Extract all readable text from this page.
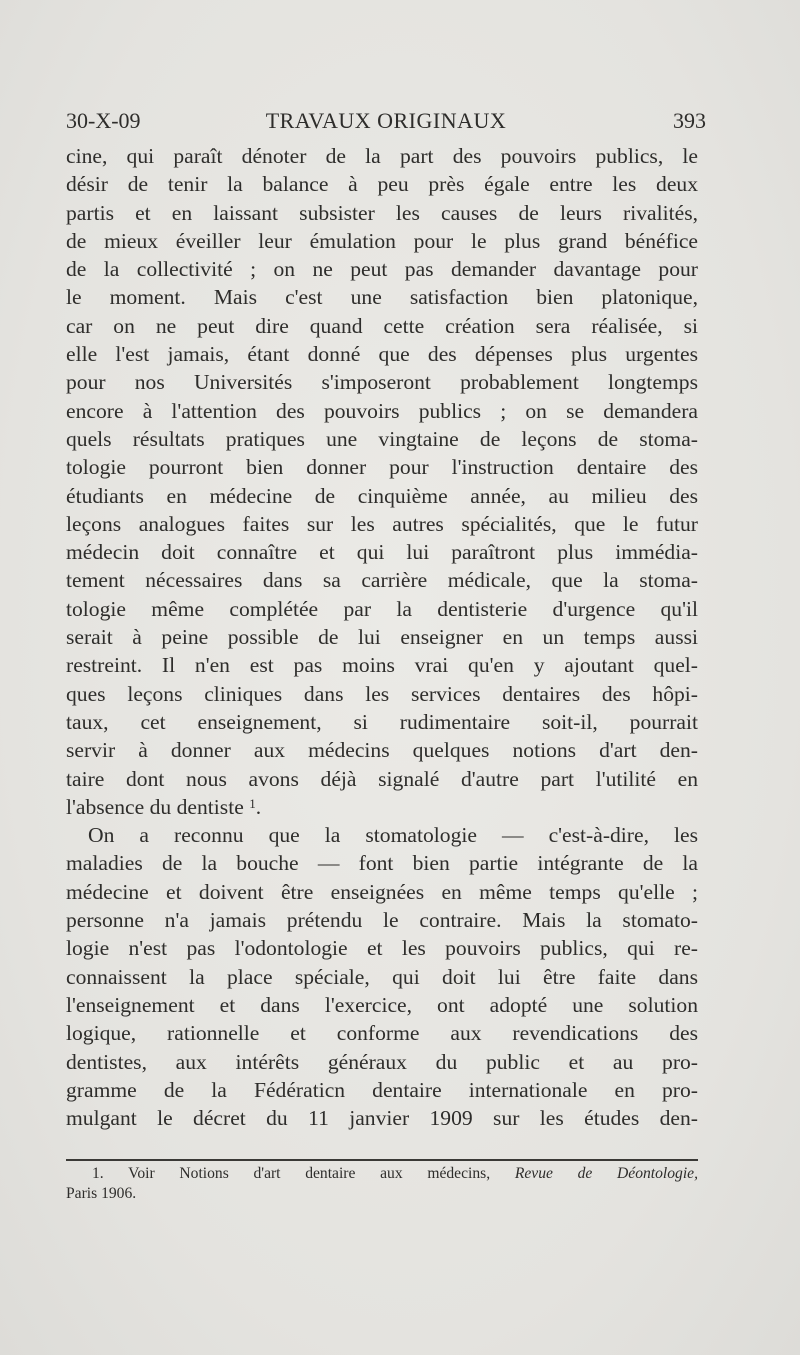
30-X-09	TRAVAUX ORIGINAUX	393
cine, qui paraît dénoter de la part des pouvoirs publics, le
désir de tenir la balance à peu près égale entre les deux
partis et en laissant subsister les causes de leurs rivalités,
de mieux éveiller leur émulation pour le plus grand bénéfice
de la collectivité ; on ne peut pas demander davantage pour
le moment. Mais c'est une satisfaction bien platonique,
car on ne peut dire quand cette création sera réalisée, si
elle l'est jamais, étant donné que des dépenses plus urgentes
pour nos Universités s'imposeront probablement longtemps
encore à l'attention des pouvoirs publics ; on se demandera
quels résultats pratiques une vingtaine de leçons de stoma-
tologie pourront bien donner pour l'instruction dentaire des
étudiants en médecine de cinquième année, au milieu des
leçons analogues faites sur les autres spécialités, que le futur
médecin doit connaître et qui lui paraîtront plus immédia-
tement nécessaires dans sa carrière médicale, que la stoma-
tologie même complétée par la dentisterie d'urgence qu'il
serait à peine possible de lui enseigner en un temps aussi
restreint. Il n'en est pas moins vrai qu'en y ajoutant quel-
ques leçons cliniques dans les services dentaires des hôpi-
taux, cet enseignement, si rudimentaire soit-il, pourrait
servir à donner aux médecins quelques notions d'art den-
taire dont nous avons déjà signalé d'autre part l'utilité en
l'absence du dentiste $^1$.
On a reconnu que la stomatologie — c'est-à-dire, les
maladies de la bouche — font bien partie intégrante de la
médecine et doivent être enseignées en même temps qu'elle ;
personne n'a jamais prétendu le contraire. Mais la stomato-
logie n'est pas l'odontologie et les pouvoirs publics, qui re-
connaissent la place spéciale, qui doit lui être faite dans
l'enseignement et dans l'exercice, ont adopté une solution
logique, rationnelle et conforme aux revendications des
dentistes, aux intérêts généraux du public et au pro-
gramme de la Fédératicn dentaire internationale en pro-
mulgant le décret du 11 janvier 1909 sur les études den-
1. Voir Notions d'art dentaire aux médecins, Revue de Déontologie,
Paris 1906.
